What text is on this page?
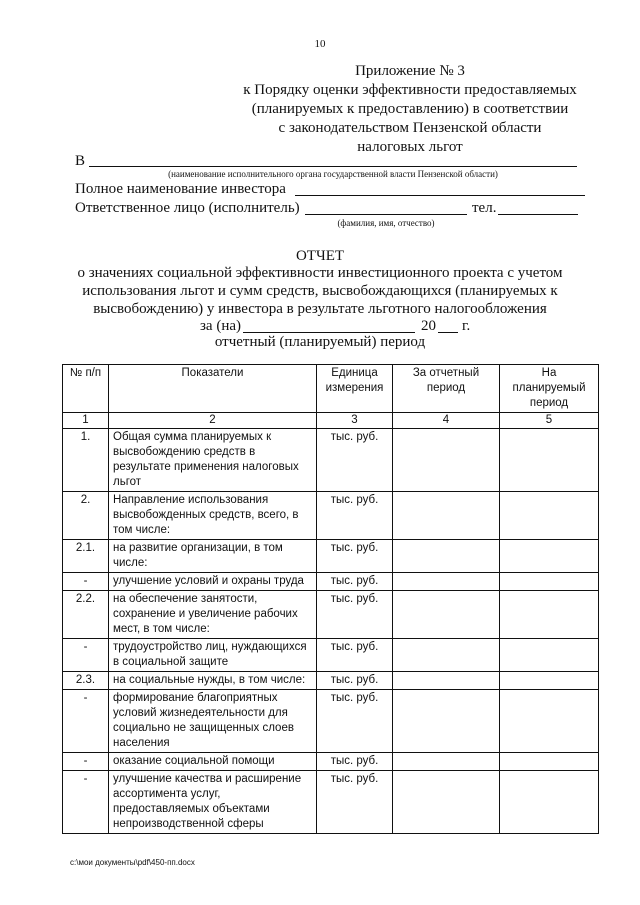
10
Приложение № 3
к Порядку оценки эффективности предоставляемых
(планируемых к предоставлению) в соответствии
с законодательством Пензенской области
налоговых льгот
В
(наименование исполнительного органа государственной власти Пензенской области)
Полное наименование инвестора
Ответственное лицо (исполнитель)	тел.
(фамилия, имя, отчество)
ОТЧЕТ
о значениях социальной эффективности инвестиционного проекта с учетом
использования льгот и сумм средств, высвобождающихся (планируемых к
высвобождению) у инвестора в результате льготного налогообложения
за (на)	20 г.
отчетный (планируемый) период
№ п/п	Показатели	Единица измерения	За отчетный период	На планируемый период
1	2	3	4	5
1.	Общая сумма планируемых к высвобождению средств в результате применения налоговых льгот	тыс. руб.		
2.	Направление использования высвобожденных средств, всего, в том числе:	тыс. руб.		
2.1.	на развитие организации, в том числе:	тыс. руб.		
-	улучшение условий и охраны труда	тыс. руб.		
2.2.	на обеспечение занятости, сохранение и увеличение рабочих мест, в том числе:	тыс. руб.		
-	трудоустройство лиц, нуждающихся в социальной защите	тыс. руб.		
2.3.	на социальные нужды, в том числе:	тыс. руб.		
-	формирование благоприятных условий жизнедеятельности для социально не защищенных слоев населения	тыс. руб.		
-	оказание социальной помощи	тыс. руб.		
-	улучшение качества и расширение ассортимента услуг, предоставляемых объектами непроизводственной сферы	тыс. руб.		
c:\мои документы\pdf\450-пп.docx
